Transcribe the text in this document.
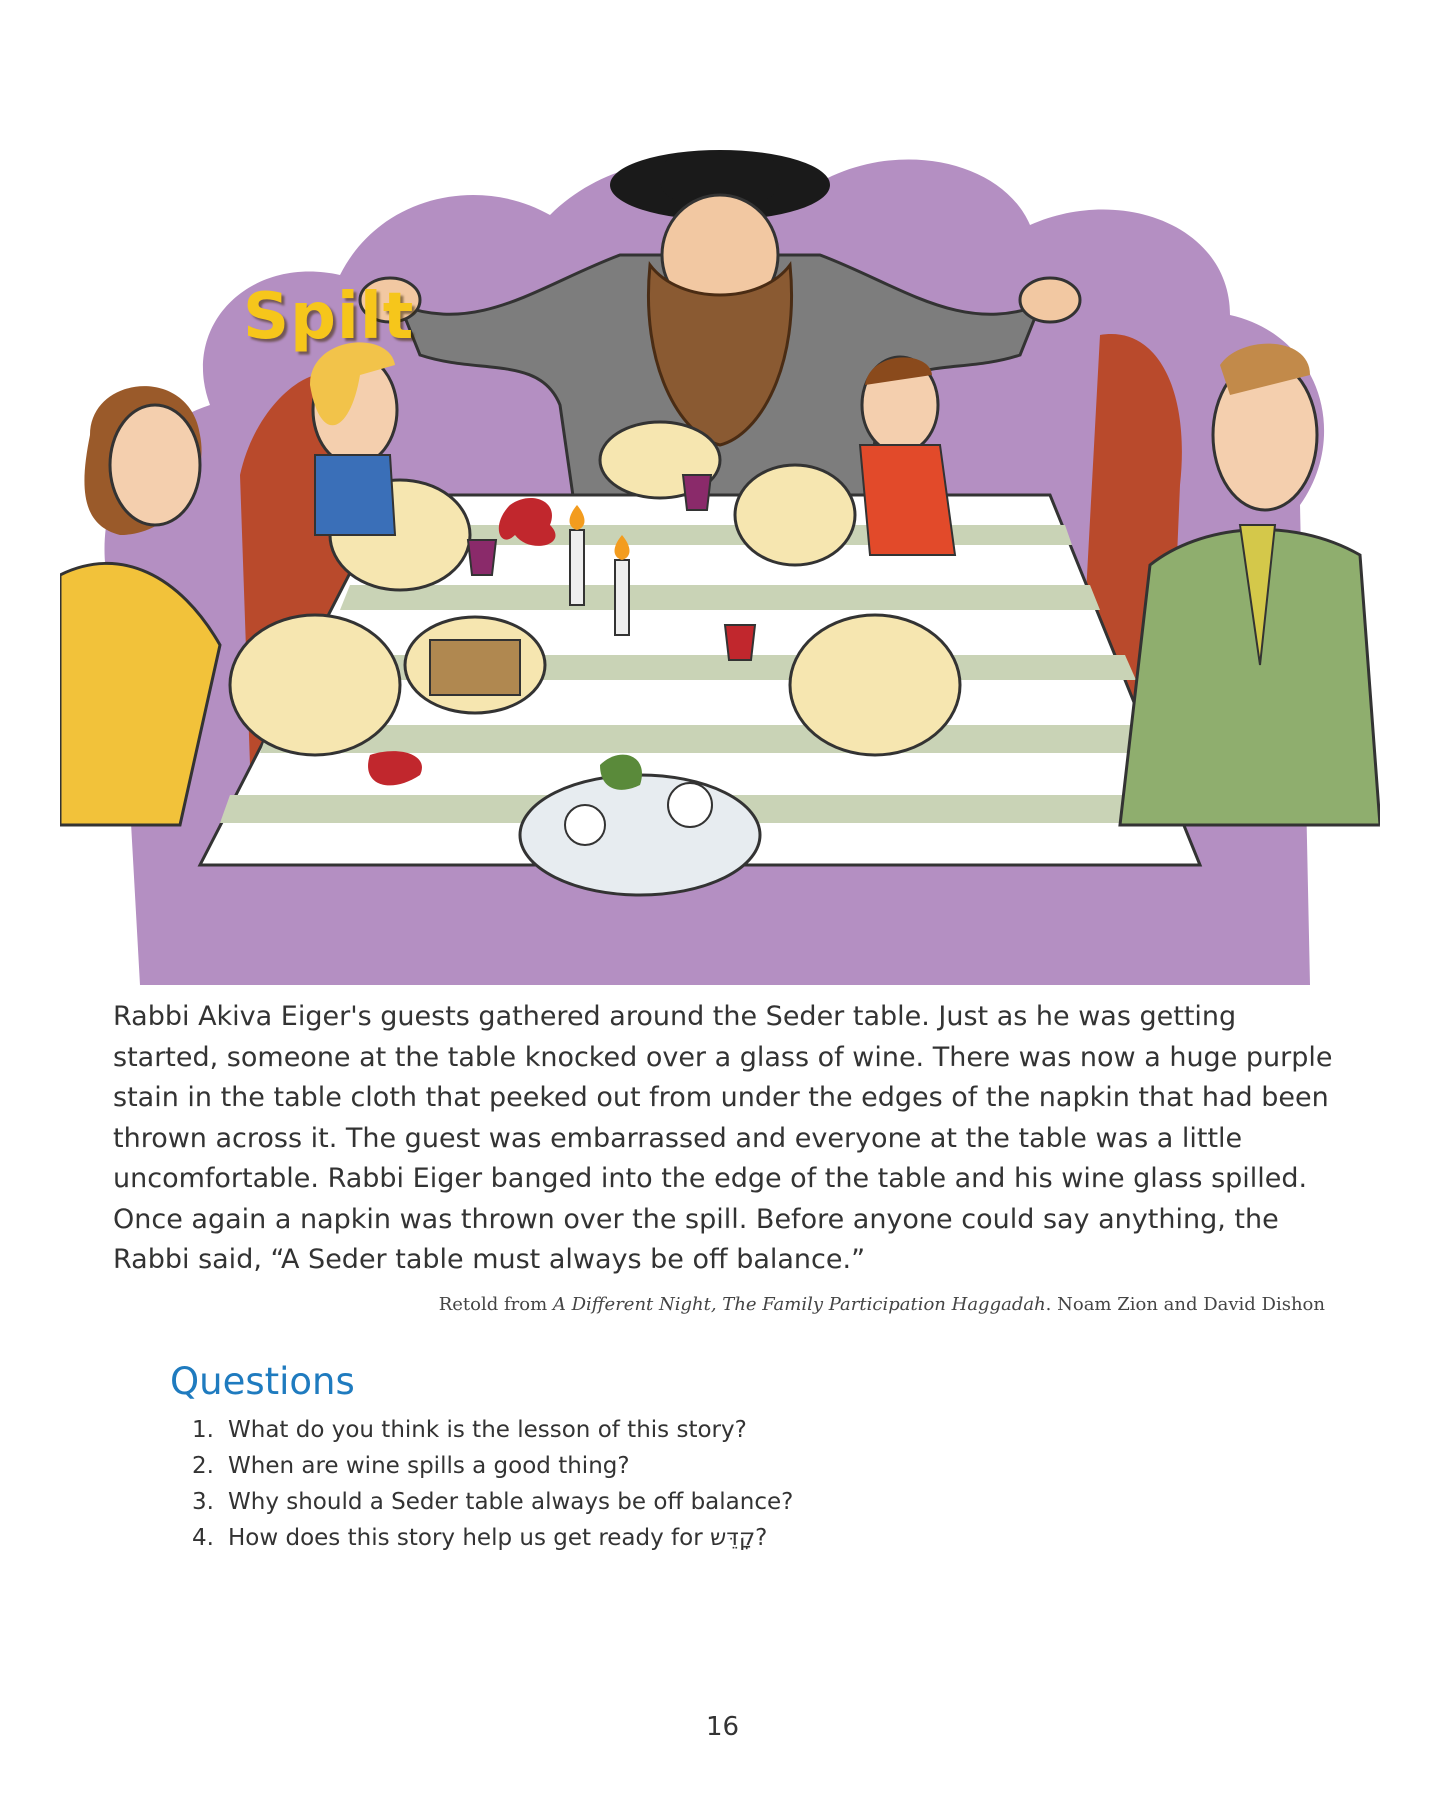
Spilt

Rabbi Akiva Eiger's guests gathered around the Seder table. Just as he was getting started, someone at the table knocked over a glass of wine. There was now a huge purple stain in the table cloth that peeked out from under the edges of the napkin that had been thrown across it. The guest was embarrassed and everyone at the table was a little uncomfortable. Rabbi Eiger banged into the edge of the table and his wine glass spilled. Once again a napkin was thrown over the spill. Before anyone could say anything, the Rabbi said, “A Seder table must always be off balance.”

Retold from A Different Night, The Family Participation Haggadah. Noam Zion and David Dishon
Questions
1. What do you think is the lesson of this story?
2. When are wine spills a good thing?
3. Why should a Seder table always be off balance?
4. How does this story help us get ready for קָדֵּש?
16
